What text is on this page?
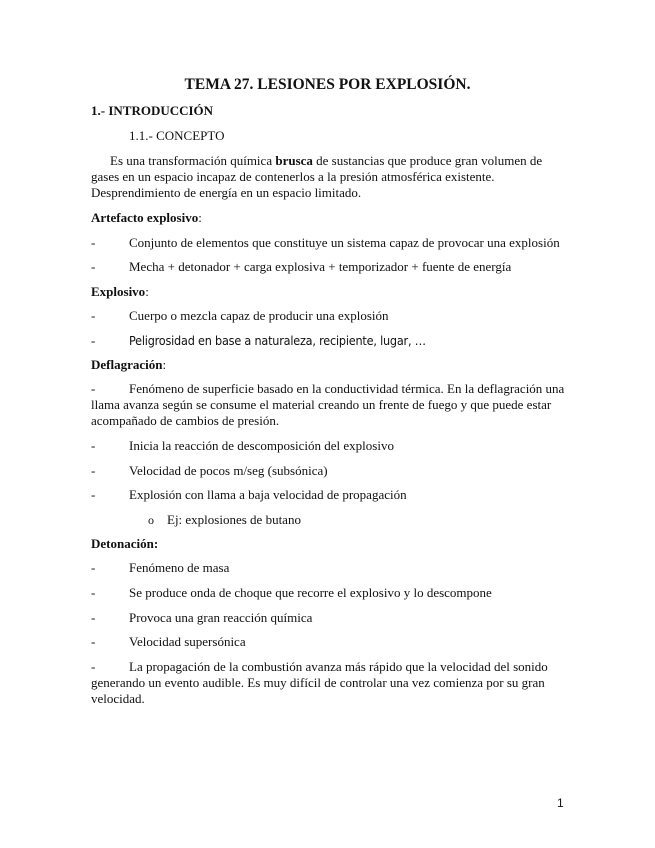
TEMA 27. LESIONES POR EXPLOSIÓN.
1.- INTRODUCCIÓN
1.1.- CONCEPTO
Es una transformación química brusca de sustancias que produce gran volumen de
gases en un espacio incapaz de contenerlos a la presión atmosférica existente.
Desprendimiento de energía en un espacio limitado.
Artefacto explosivo:
-	Conjunto de elementos que constituye un sistema capaz de provocar una explosión
-	Mecha + detonador + carga explosiva + temporizador + fuente de energía
Explosivo:
-	Cuerpo o mezcla capaz de producir una explosión
-	Peligrosidad en base a naturaleza, recipiente, lugar, …
Deflagración:
-	Fenómeno de superficie basado en la conductividad térmica. En la deflagración una
llama avanza según se consume el material creando un frente de fuego y que puede estar
acompañado de cambios de presión.
-	Inicia la reacción de descomposición del explosivo
-	Velocidad de pocos m/seg (subsónica)
-	Explosión con llama a baja velocidad de propagación
o Ej: explosiones de butano
Detonación:
-	Fenómeno de masa
-	Se produce onda de choque que recorre el explosivo y lo descompone
-	Provoca una gran reacción química
-	Velocidad supersónica
-	La propagación de la combustión avanza más rápido que la velocidad del sonido
generando un evento audible. Es muy difícil de controlar una vez comienza por su gran
velocidad.
1
